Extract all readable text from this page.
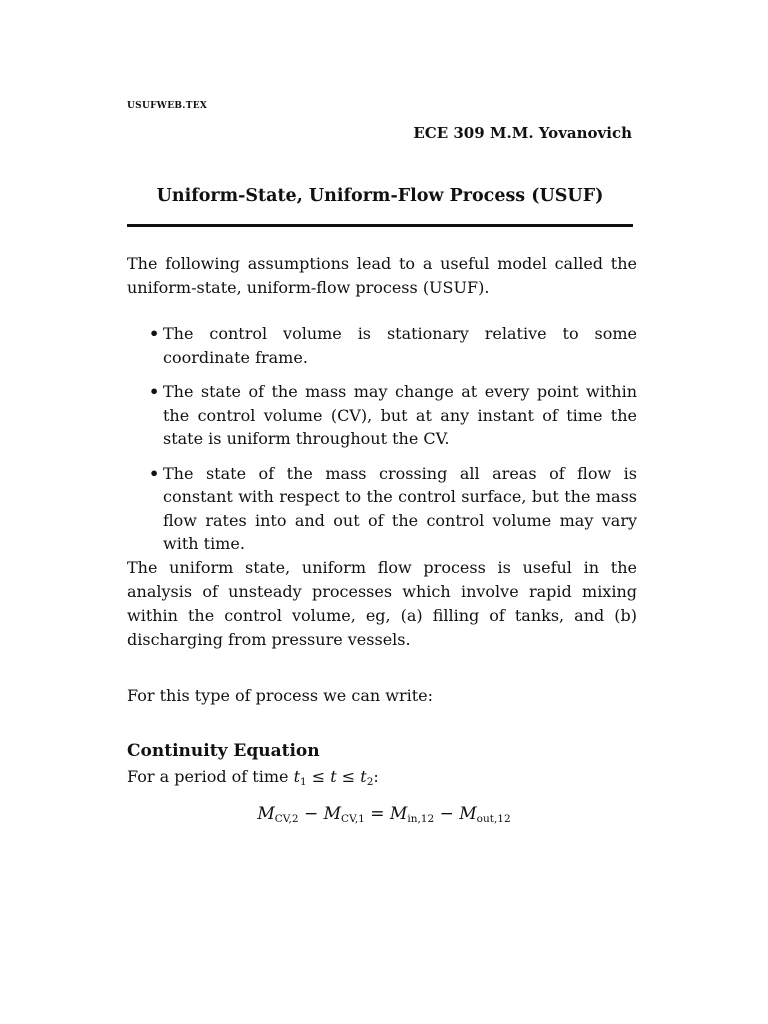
USUFWEB.TEX
ECE 309 M.M. Yovanovich
Uniform-State, Uniform-Flow Process (USUF)
The following assumptions lead to a useful model called the uniform-state, uniform-flow process (USUF).
• The control volume is stationary relative to some coordinate frame.
• The state of the mass may change at every point within the control volume (CV), but at any instant of time the state is uniform throughout the CV.
• The state of the mass crossing all areas of flow is constant with respect to the control surface, but the mass flow rates into and out of the control volume may vary with time.
The uniform state, uniform flow process is useful in the analysis of unsteady processes which involve rapid mixing within the control volume, eg, (a) filling of tanks, and (b) discharging from pressure vessels.
For this type of process we can write:
Continuity Equation
For a period of time $t_1 \le t \le t_2$:
$M_{CV,2} - M_{CV,1} = M_{in,12} - M_{out,12}$
